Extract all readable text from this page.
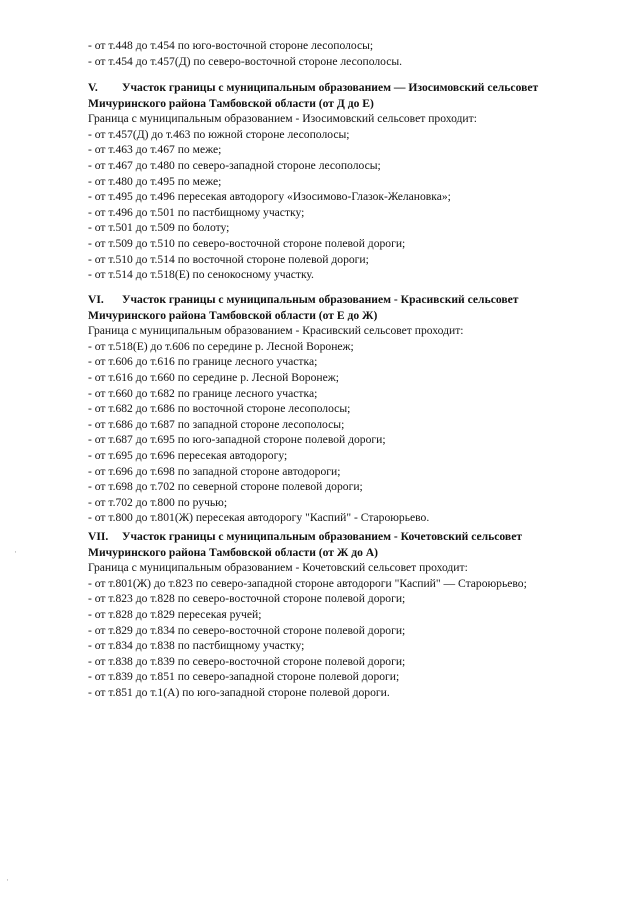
- от т.448 до т.454 по юго-восточной стороне лесополосы;
- от т.454 до т.457(Д) по северо-восточной стороне лесополосы.
V. Участок границы с муниципальным образованием — Изосимовский сельсовет
Мичуринского района Тамбовской области (от Д до Е)
Граница с муниципальным образованием - Изосимовский сельсовет проходит:
- от т.457(Д) до т.463 по южной стороне лесополосы;
- от т.463 до т.467 по меже;
- от т.467 до т.480 по северо-западной стороне лесополосы;
- от т.480 до т.495 по меже;
- от т.495 до т.496 пересекая автодорогу «Изосимово-Глазок-Желановка»;
- от т.496 до т.501 по пастбищному участку;
- от т.501 до т.509 по болоту;
- от т.509 до т.510 по северо-восточной стороне полевой дороги;
- от т.510 до т.514 по восточной стороне полевой дороги;
- от т.514 до т.518(Е) по сенокосному участку.
VI. Участок границы с муниципальным образованием - Красивский сельсовет
Мичуринского района Тамбовской области (от Е до Ж)
Граница с муниципальным образованием - Красивский сельсовет проходит:
- от т.518(Е) до т.606 по середине р. Лесной Воронеж;
- от т.606 до т.616 по границе лесного участка;
- от т.616 до т.660 по середине р. Лесной Воронеж;
- от т.660 до т.682 по границе лесного участка;
- от т.682 до т.686 по восточной стороне лесополосы;
- от т.686 до т.687 по западной стороне лесополосы;
- от т.687 до т.695 по юго-западной стороне полевой дороги;
- от т.695 до т.696 пересекая автодорогу;
- от т.696 до т.698 по западной стороне автодороги;
- от т.698 до т.702 по северной стороне полевой дороги;
- от т.702 до т.800 по ручью;
- от т.800 до т.801(Ж) пересекая автодорогу "Каспий" - Староюрьево.
VII. Участок границы с муниципальным образованием - Кочетовский сельсовет
Мичуринского района Тамбовской области (от Ж до А)
Граница с муниципальным образованием - Кочетовский сельсовет проходит:
- от т.801(Ж) до т.823 по северо-западной стороне автодороги "Каспий" — Староюрьево;
- от т.823 до т.828 по северо-восточной стороне полевой дороги;
- от т.828 до т.829 пересекая ручей;
- от т.829 до т.834 по северо-восточной стороне полевой дороги;
- от т.834 до т.838 по пастбищному участку;
- от т.838 до т.839 по северо-восточной стороне полевой дороги;
- от т.839 до т.851 по северо-западной стороне полевой дороги;
- от т.851 до т.1(А) по юго-западной стороне полевой дороги.
·
·
